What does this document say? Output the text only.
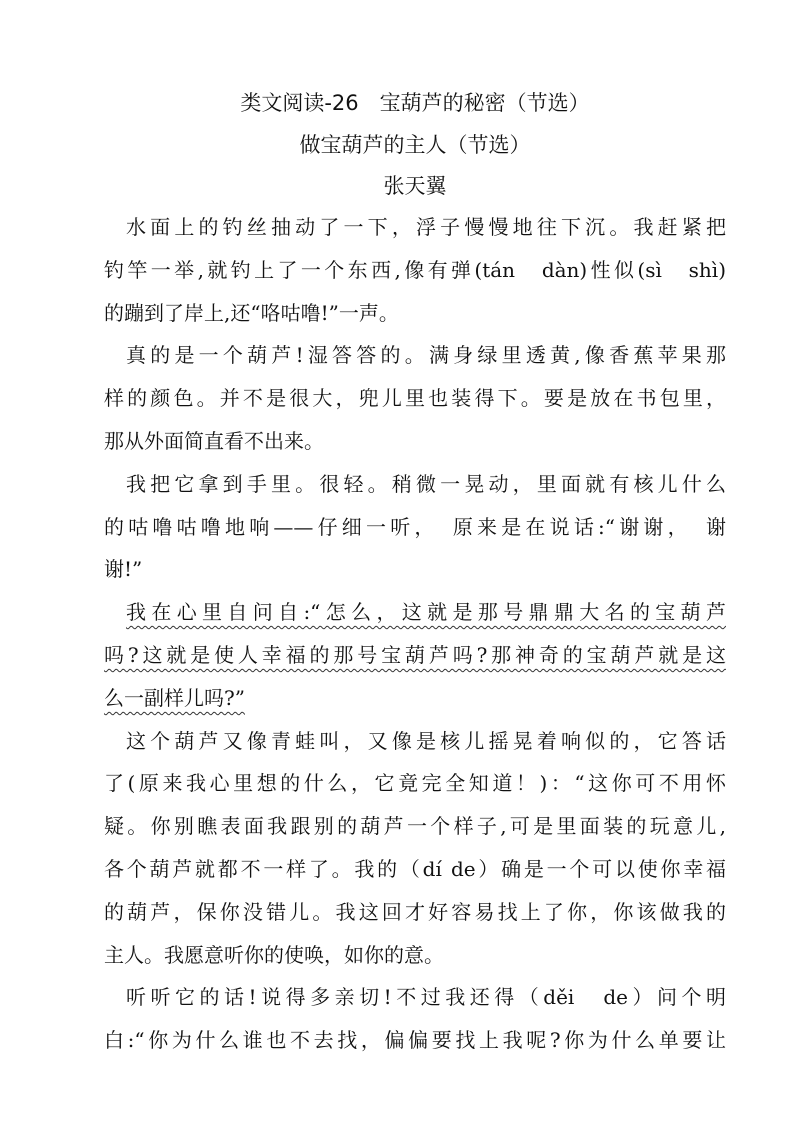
类文阅读-26　宝葫芦的秘密（节选）
做宝葫芦的主人（节选）
张天翼
水面上的钓丝抽动了一下，浮子慢慢地往下沉。我赶紧把
钓竿一举,就钓上了一个东西,像有弹(tán　dàn)性似(sì　shì)
的蹦到了岸上,还“咯咕噜!”一声。
真的是一个葫芦!湿答答的。满身绿里透黄,像香蕉苹果那
样的颜色。并不是很大，兜儿里也装得下。要是放在书包里，
那从外面简直看不出来。
我把它拿到手里。很轻。稍微一晃动，里面就有核儿什么
的咕噜咕噜地响——仔细一听，　原来是在说话:“谢谢，　谢
谢!”
我在心里自问自:“怎么，这就是那号鼎鼎大名的宝葫芦
吗?这就是使人幸福的那号宝葫芦吗?那神奇的宝葫芦就是这
么一副样儿吗?”
这个葫芦又像青蛙叫，又像是核儿摇晃着响似的，它答话
了(原来我心里想的什么，它竟完全知道！)：“这你可不用怀
疑。你别瞧表面我跟别的葫芦一个样子,可是里面装的玩意儿,
各个葫芦就都不一样了。我的（dí de）确是一个可以使你幸福
的葫芦，保你没错儿。我这回才好容易找上了你，你该做我的
主人。我愿意听你的使唤，如你的意。
听听它的话!说得多亲切!不过我还得（děi　de）问个明
白:“你为什么谁也不去找，偏偏要找上我呢?你为什么单要让
